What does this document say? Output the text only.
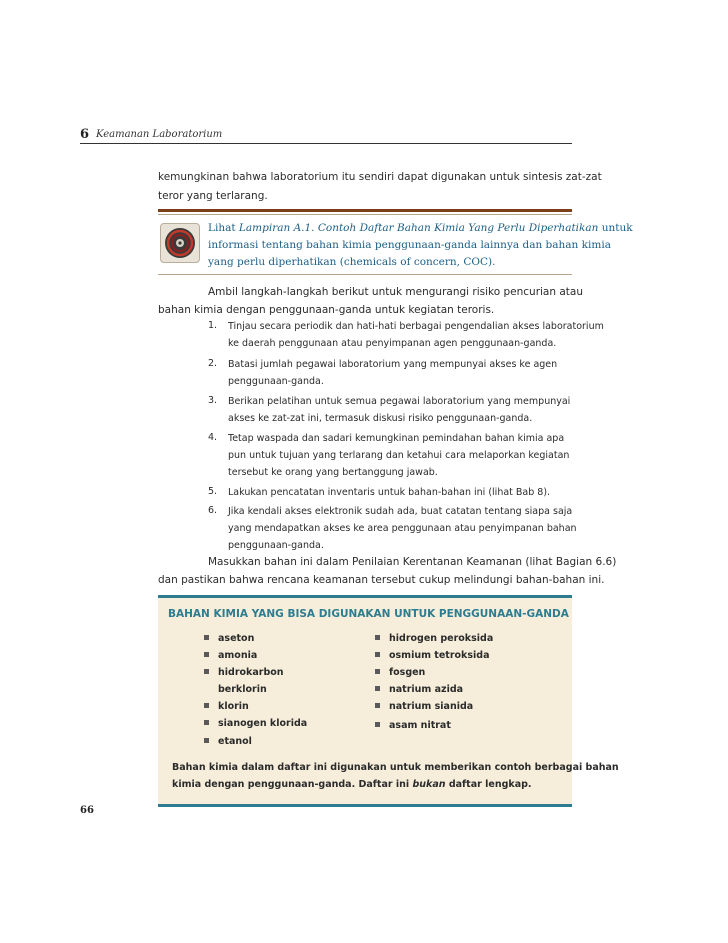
6 Keamanan Laboratorium
kemungkinan bahwa laboratorium itu sendiri dapat digunakan untuk sintesis zat-zat
teror yang terlarang.
Lihat Lampiran A.1. Contoh Daftar Bahan Kimia Yang Perlu Diperhatikan untuk
informasi tentang bahan kimia penggunaan-ganda lainnya dan bahan kimia
yang perlu diperhatikan (chemicals of concern, COC).
Ambil langkah-langkah berikut untuk mengurangi risiko pencurian atau
bahan kimia dengan penggunaan-ganda untuk kegiatan teroris.
1. Tinjau secara periodik dan hati-hati berbagai pengendalian akses laboratorium
ke daerah penggunaan atau penyimpanan agen penggunaan-ganda.
2. Batasi jumlah pegawai laboratorium yang mempunyai akses ke agen
penggunaan-ganda.
3. Berikan pelatihan untuk semua pegawai laboratorium yang mempunyai
akses ke zat-zat ini, termasuk diskusi risiko penggunaan-ganda.
4. Tetap waspada dan sadari kemungkinan pemindahan bahan kimia apa
pun untuk tujuan yang terlarang dan ketahui cara melaporkan kegiatan
tersebut ke orang yang bertanggung jawab.
5. Lakukan pencatatan inventaris untuk bahan-bahan ini (lihat Bab 8).
6. Jika kendali akses elektronik sudah ada, buat catatan tentang siapa saja
yang mendapatkan akses ke area penggunaan atau penyimpanan bahan
penggunaan-ganda.
Masukkan bahan ini dalam Penilaian Kerentanan Keamanan (lihat Bagian 6.6)
dan pastikan bahwa rencana keamanan tersebut cukup melindungi bahan-bahan ini.
BAHAN KIMIA YANG BISA DIGUNAKAN UNTUK PENGGUNAAN-GANDA
aseton
amonia
hidrokarbon
berklorin
klorin
sianogen klorida
etanol
hidrogen peroksida
osmium tetroksida
fosgen
natrium azida
natrium sianida
asam nitrat
Bahan kimia dalam daftar ini digunakan untuk memberikan contoh berbagai bahan
kimia dengan penggunaan-ganda. Daftar ini bukan daftar lengkap.
66
